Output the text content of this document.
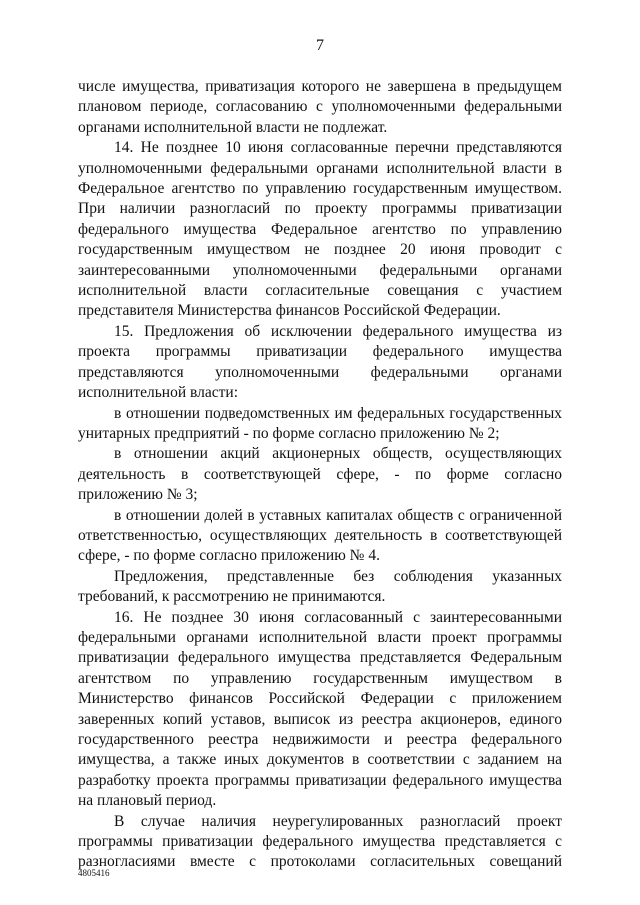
7

числе имущества, приватизация которого не завершена в предыдущем плановом периоде, согласованию с уполномоченными федеральными органами исполнительной власти не подлежат.

14. Не позднее 10 июня согласованные перечни представляются уполномоченными федеральными органами исполнительной власти в Федеральное агентство по управлению государственным имуществом. При наличии разногласий по проекту программы приватизации федерального имущества Федеральное агентство по управлению государственным имуществом не позднее 20 июня проводит с заинтересованными уполномоченными федеральными органами исполнительной власти согласительные совещания с участием представителя Министерства финансов Российской Федерации.

15. Предложения об исключении федерального имущества из проекта программы приватизации федерального имущества представляются уполномоченными федеральными органами исполнительной власти:

в отношении подведомственных им федеральных государственных унитарных предприятий - по форме согласно приложению № 2;

в отношении акций акционерных обществ, осуществляющих деятельность в соответствующей сфере, - по форме согласно приложению № 3;

в отношении долей в уставных капиталах обществ с ограниченной ответственностью, осуществляющих деятельность в соответствующей сфере, - по форме согласно приложению № 4.

Предложения, представленные без соблюдения указанных требований, к рассмотрению не принимаются.

16. Не позднее 30 июня согласованный с заинтересованными федеральными органами исполнительной власти проект программы приватизации федерального имущества представляется Федеральным агентством по управлению государственным имуществом в Министерство финансов Российской Федерации с приложением заверенных копий уставов, выписок из реестра акционеров, единого государственного реестра недвижимости и реестра федерального имущества, а также иных документов в соответствии с заданием на разработку проекта программы приватизации федерального имущества на плановый период.

В случае наличия неурегулированных разногласий проект программы приватизации федерального имущества представляется с разногласиями вместе с протоколами согласительных совещаний

4805416
